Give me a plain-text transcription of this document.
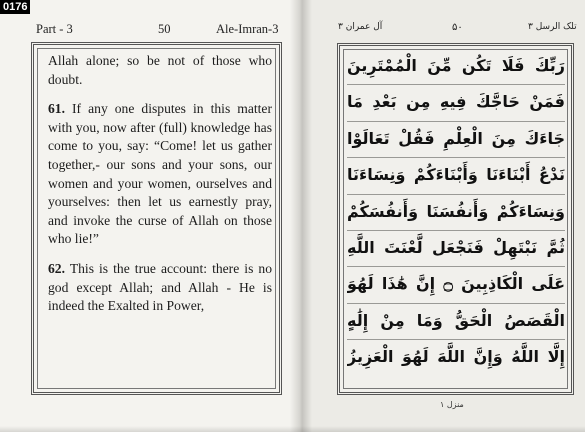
0176
Part - 3	50	Ale-Imran-3

Allah alone; so be not of those who doubt.

61. If any one disputes in this matter with you, now after (full) knowledge has come to you, say: “Come! let us gather together,- our sons and your sons, our women and your women, ourselves and yourselves: then let us earnestly pray, and invoke the curse of Allah on those who lie!”

62. This is the true account: there is no god except Allah; and Allah - He is indeed the Exalted in Power,

تلک الرسل ۳
۵۰
آل عمران ۳
رَبِّكَ فَلَا تَكُن مِّنَ الْمُمْتَرِينَ
فَمَنْ حَاجَّكَ فِيهِ مِن بَعْدِ مَا
جَاءَكَ مِنَ الْعِلْمِ فَقُلْ تَعَالَوْا
نَدْعُ أَبْنَاءَنَا وَأَبْنَاءَكُمْ وَنِسَاءَنَا
وَنِسَاءَكُمْ وَأَنفُسَنَا وَأَنفُسَكُمْ
ثُمَّ نَبْتَهِلْ فَنَجْعَل لَّعْنَتَ اللَّهِ
عَلَى الْكَاذِبِينَ ۝ إِنَّ هَٰذَا لَهُوَ
الْقَصَصُ الْحَقُّ وَمَا مِنْ إِلَٰهٍ
إِلَّا اللَّهُ وَإِنَّ اللَّهَ لَهُوَ الْعَزِيزُ
منزل ۱
